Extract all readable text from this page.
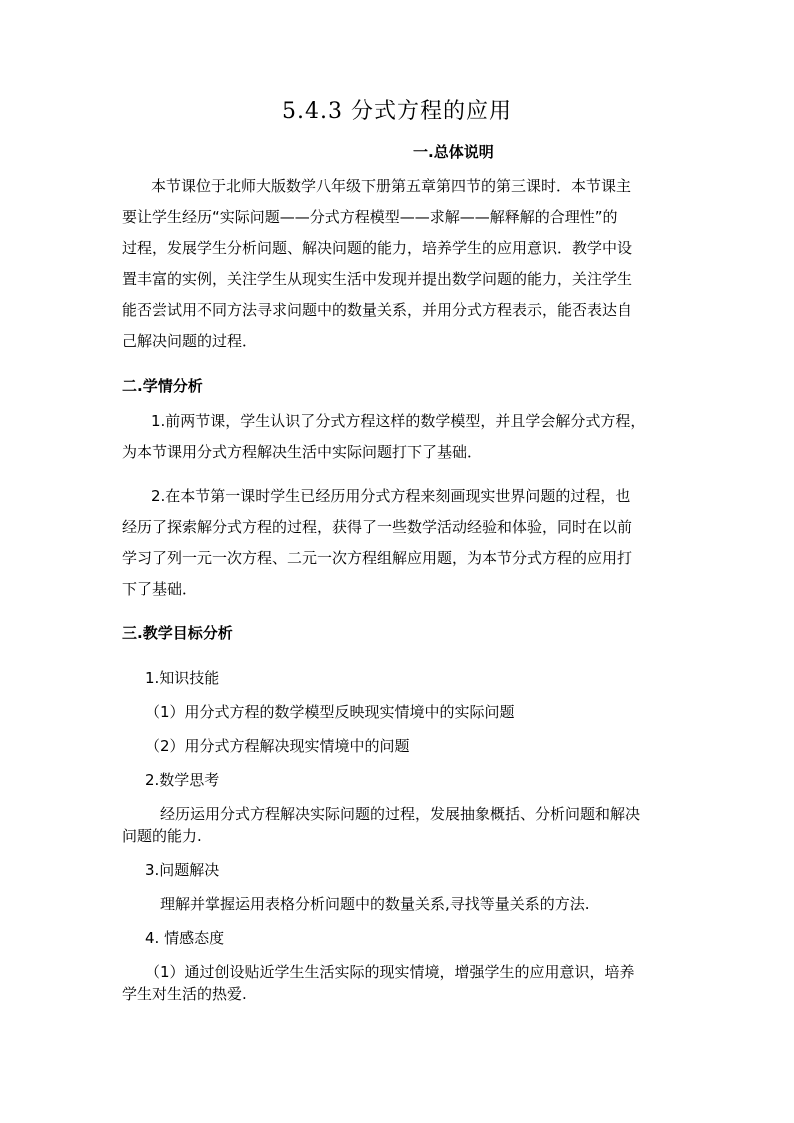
5.4.3 分式方程的应用
一.总体说明
本节课位于北师大版数学八年级下册第五章第四节的第三课时．本节课主
要让学生经历“实际问题——分式方程模型——求解——解释解的合理性”的
过程，发展学生分析问题、解决问题的能力，培养学生的应用意识．教学中设
置丰富的实例，关注学生从现实生活中发现并提出数学问题的能力，关注学生
能否尝试用不同方法寻求问题中的数量关系，并用分式方程表示，能否表达自
己解决问题的过程．
二.学情分析
1.前两节课，学生认识了分式方程这样的数学模型，并且学会解分式方程，
为本节课用分式方程解决生活中实际问题打下了基础．
2.在本节第一课时学生已经历用分式方程来刻画现实世界问题的过程，也
经历了探索解分式方程的过程，获得了一些数学活动经验和体验，同时在以前
学习了列一元一次方程、二元一次方程组解应用题，为本节分式方程的应用打
下了基础．
三.教学目标分析
1.知识技能
（1）用分式方程的数学模型反映现实情境中的实际问题
（2）用分式方程解决现实情境中的问题
2.数学思考
经历运用分式方程解决实际问题的过程，发展抽象概括、分析问题和解决
问题的能力.
3.问题解决
理解并掌握运用表格分析问题中的数量关系,寻找等量关系的方法.
4. 情感态度
（1）通过创设贴近学生生活实际的现实情境，增强学生的应用意识，培养
学生对生活的热爱.
